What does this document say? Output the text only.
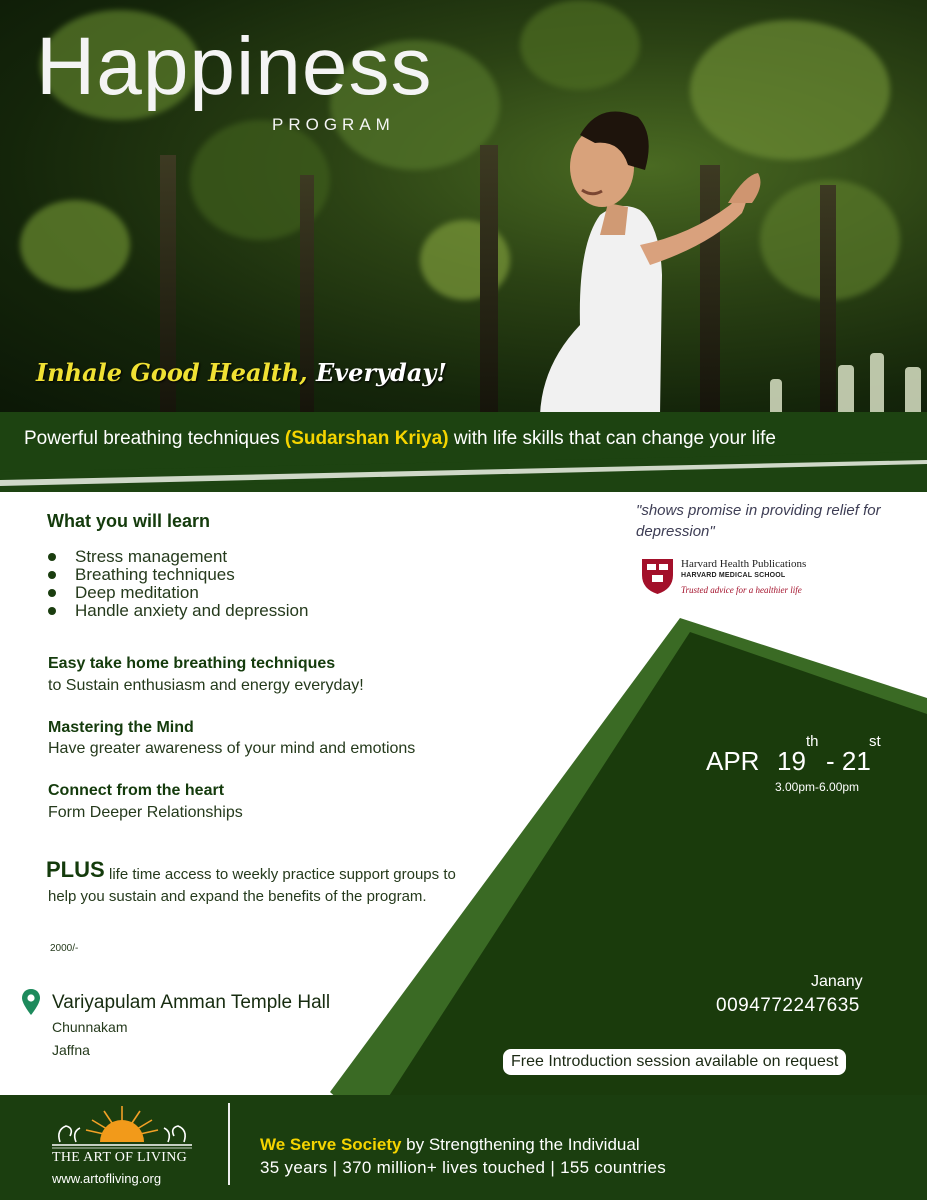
Happiness
PROGRAM
Inhale Good Health, Everyday!
Powerful breathing techniques (Sudarshan Kriya) with life skills that can change your life
What you will learn
Stress management
Breathing techniques
Deep meditation
Handle anxiety and depression
Easy take home breathing techniques
to Sustain enthusiasm and energy everyday!
Mastering the Mind
Have greater awareness of your mind and emotions
Connect from the heart
Form Deeper Relationships
PLUS life time access to weekly practice support groups to
help you sustain and expand the benefits of the program.
2000/-
Variyapulam Amman Temple Hall
Chunnakam
Jaffna
"shows promise in providing relief for depression"
Harvard Health Publications
HARVARD MEDICAL SCHOOL
Trusted advice for a healthier life
APR 19
th
- 21
st
3.00pm-6.00pm
Janany
0094772247635
Free Introduction session available on request
THE ART OF LIVING
www.artofliving.org
We Serve Society by Strengthening the Individual
35 years | 370 million+ lives touched | 155 countries
